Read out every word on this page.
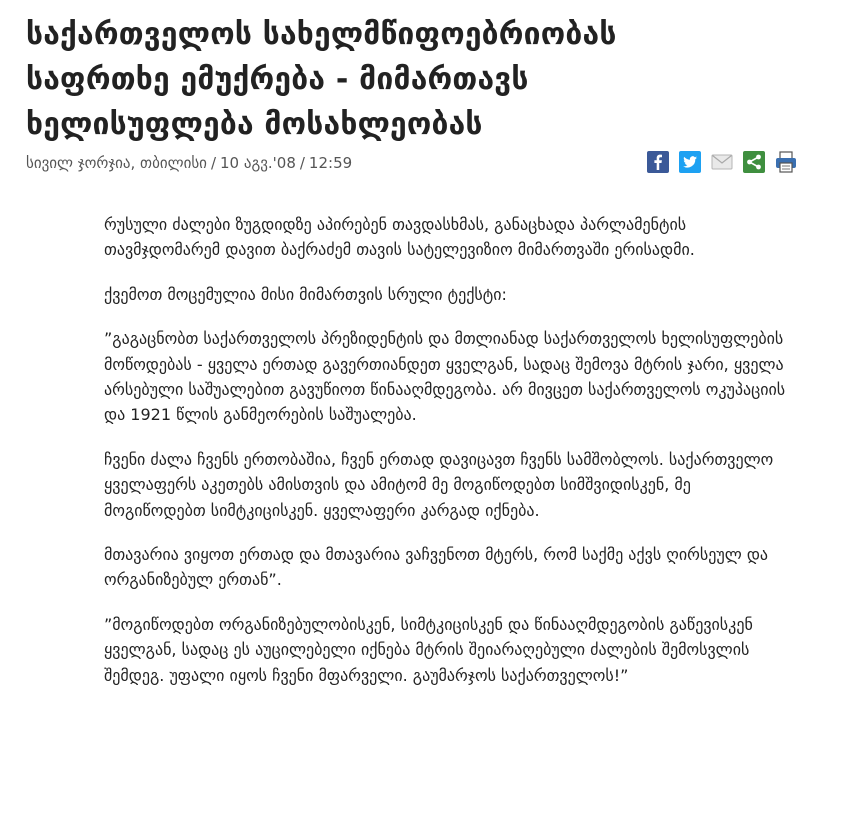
საქართველოს სახელმწიფოებრიობას საფრთხე ემუქრება - მიმართავს ხელისუფლება მოსახლეობას
სივილ ჯორჯია, თბილისი / 10 აგვ.'08 / 12:59

რუსული ძალები ზუგდიდზე აპირებენ თავდასხმას, განაცხადა პარლამენტის თავმჯდომარემ დავით ბაქრაძემ თავის სატელევიზიო მიმართვაში ერისადმი.

ქვემოთ მოცემულია მისი მიმართვის სრული ტექსტი:

”გაგაცნობთ საქართველოს პრეზიდენტის და მთლიანად საქართველოს ხელისუფლების მოწოდებას - ყველა ერთად გავერთიანდეთ ყველგან, სადაც შემოვა მტრის ჯარი, ყველა არსებული საშუალებით გავუწიოთ წინააღმდეგობა. არ მივცეთ საქართველოს ოკუპაციის და 1921 წლის განმეორების საშუალება.

ჩვენი ძალა ჩვენს ერთობაშია, ჩვენ ერთად დავიცავთ ჩვენს სამშობლოს. საქართველო ყველაფერს აკეთებს ამისთვის და ამიტომ მე მოგიწოდებთ სიმშვიდისკენ, მე მოგიწოდებთ სიმტკიცისკენ. ყველაფერი კარგად იქნება.

მთავარია ვიყოთ ერთად და მთავარია ვაჩვენოთ მტერს, რომ საქმე აქვს ღირსეულ და ორგანიზებულ ერთან”.

”მოგიწოდებთ ორგანიზებულობისკენ, სიმტკიცისკენ და წინააღმდეგობის გაწევისკენ ყველგან, სადაც ეს აუცილებელი იქნება მტრის შეიარაღებული ძალების შემოსვლის შემდეგ. უფალი იყოს ჩვენი მფარველი. გაუმარჯოს საქართველოს!”
